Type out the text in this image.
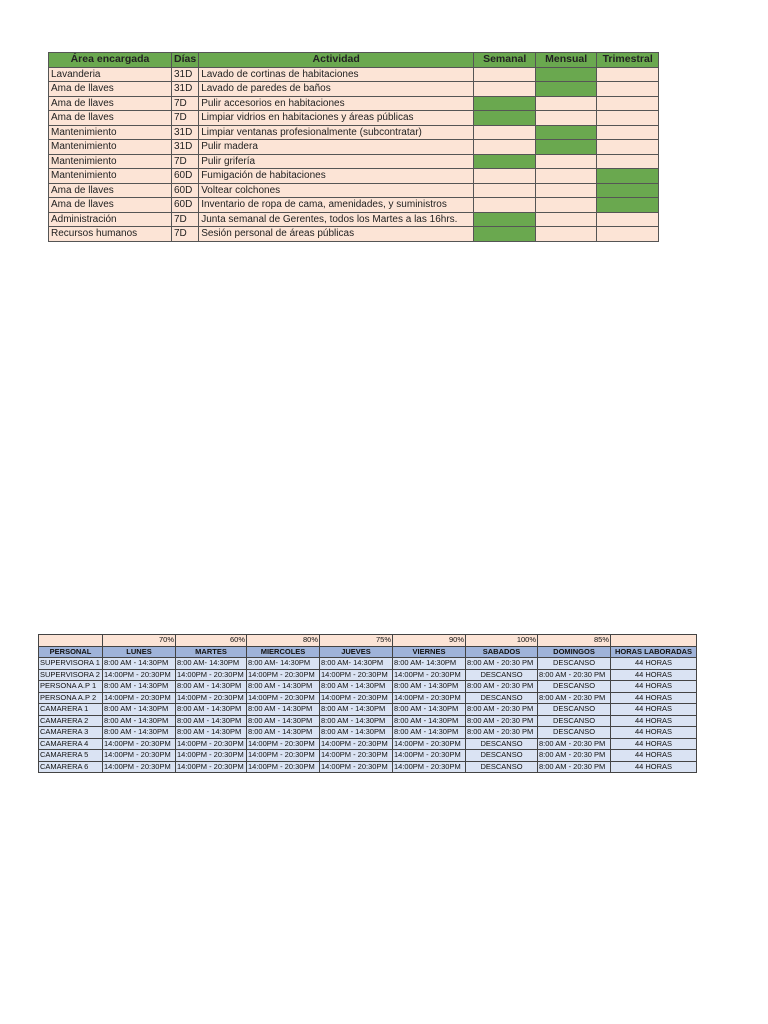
Área encargada	Días	Actividad	Semanal	Mensual	Trimestral
Lavanderia	31D	Lavado de cortinas de habitaciones			
Ama de llaves	31D	Lavado de paredes de baños			
Ama de llaves	7D	Pulir accesorios en habitaciones			
Ama de llaves	7D	Limpiar vidrios en habitaciones y áreas públicas			
Mantenimiento	31D	Limpiar ventanas profesionalmente (subcontratar)			
Mantenimiento	31D	Pulir madera			
Mantenimiento	7D	Pulir grifería			
Mantenimiento	60D	Fumigación de habitaciones			
Ama de llaves	60D	Voltear colchones			
Ama de llaves	60D	Inventario de ropa de cama, amenidades, y suministros			
Administración	7D	Junta semanal de Gerentes, todos los Martes a las 16hrs.			
Recursos humanos	7D	Sesión personal de áreas públicas			
	70%	60%	80%	75%	90%	100%	85%	
PERSONAL	LUNES	MARTES	MIERCOLES	JUEVES	VIERNES	SABADOS	DOMINGOS	HORAS LABORADAS
SUPERVISORA 1	8:00 AM - 14:30PM	8:00 AM- 14:30PM	8:00 AM- 14:30PM	8:00 AM- 14:30PM	8:00 AM- 14:30PM	8:00 AM - 20:30 PM	DESCANSO	44 HORAS
SUPERVISORA 2	14:00PM - 20:30PM	14:00PM - 20:30PM	14:00PM - 20:30PM	14:00PM - 20:30PM	14:00PM - 20:30PM	DESCANSO	8:00 AM - 20:30 PM	44 HORAS
PERSONA A.P 1	8:00 AM - 14:30PM	8:00 AM - 14:30PM	8:00 AM - 14:30PM	8:00 AM - 14:30PM	8:00 AM - 14:30PM	8:00 AM - 20:30 PM	DESCANSO	44 HORAS
PERSONA A.P 2	14:00PM - 20:30PM	14:00PM - 20:30PM	14:00PM - 20:30PM	14:00PM - 20:30PM	14:00PM - 20:30PM	DESCANSO	8:00 AM - 20:30 PM	44 HORAS
CAMARERA 1	8:00 AM - 14:30PM	8:00 AM - 14:30PM	8:00 AM - 14:30PM	8:00 AM - 14:30PM	8:00 AM - 14:30PM	8:00 AM - 20:30 PM	DESCANSO	44 HORAS
CAMARERA 2	8:00 AM - 14:30PM	8:00 AM - 14:30PM	8:00 AM - 14:30PM	8:00 AM - 14:30PM	8:00 AM - 14:30PM	8:00 AM - 20:30 PM	DESCANSO	44 HORAS
CAMARERA 3	8:00 AM - 14:30PM	8:00 AM - 14:30PM	8:00 AM - 14:30PM	8:00 AM - 14:30PM	8:00 AM - 14:30PM	8:00 AM - 20:30 PM	DESCANSO	44 HORAS
CAMARERA 4	14:00PM - 20:30PM	14:00PM - 20:30PM	14:00PM - 20:30PM	14:00PM - 20:30PM	14:00PM - 20:30PM	DESCANSO	8:00 AM - 20:30 PM	44 HORAS
CAMARERA 5	14:00PM - 20:30PM	14:00PM - 20:30PM	14:00PM - 20:30PM	14:00PM - 20:30PM	14:00PM - 20:30PM	DESCANSO	8:00 AM - 20:30 PM	44 HORAS
CAMARERA 6	14:00PM - 20:30PM	14:00PM - 20:30PM	14:00PM - 20:30PM	14:00PM - 20:30PM	14:00PM - 20:30PM	DESCANSO	8:00 AM - 20:30 PM	44 HORAS
